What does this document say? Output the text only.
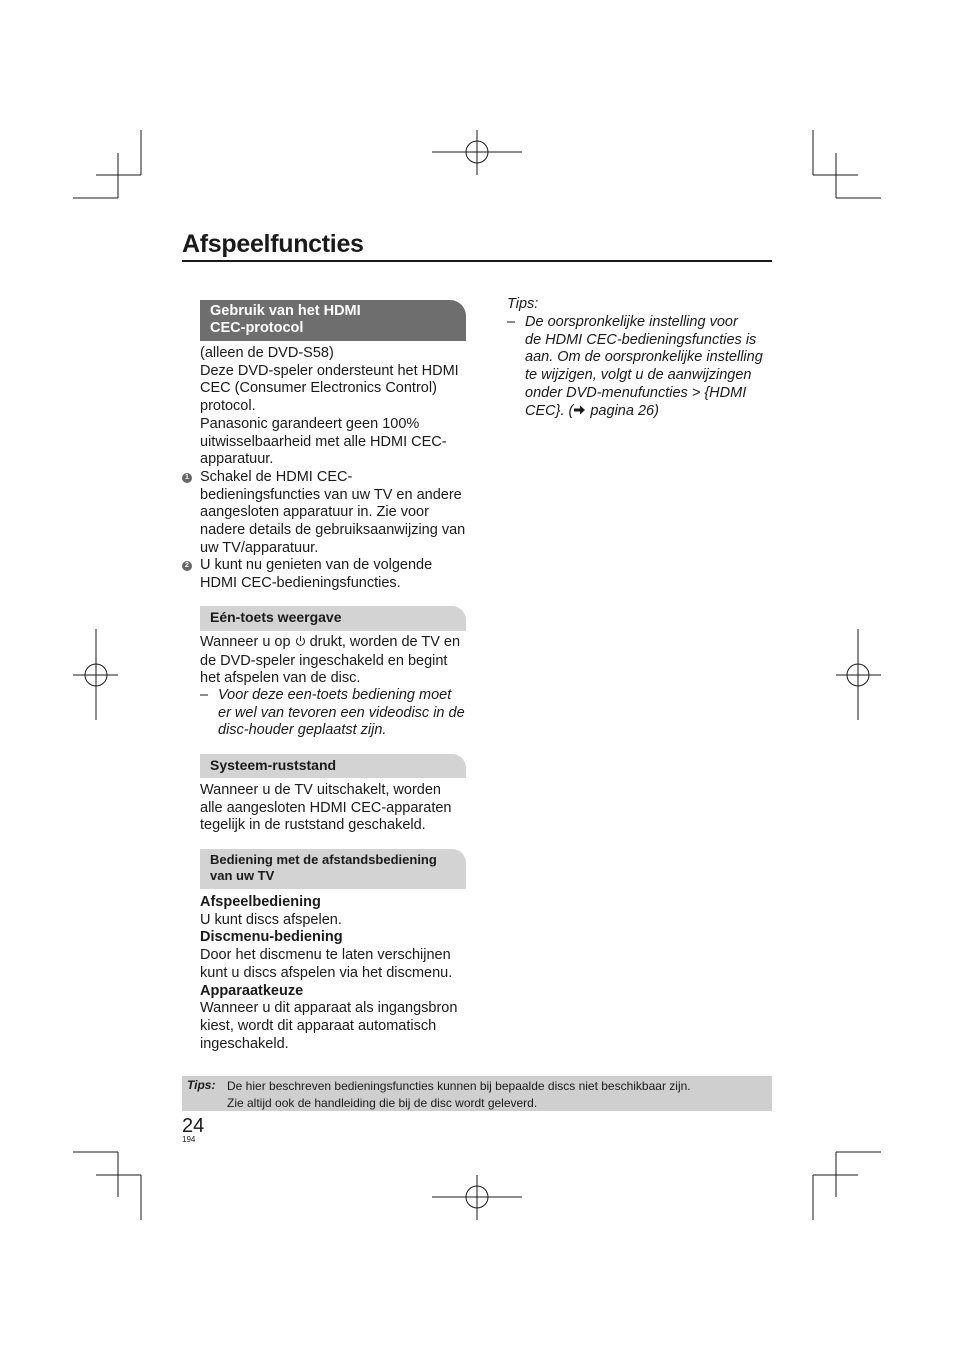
Afspeelfuncties
Gebruik van het HDMI
CEC-protocol
(alleen de DVD-S58)
Deze DVD-speler ondersteunt het HDMI
CEC (Consumer Electronics Control)
protocol.
Panasonic garandeert geen 100%
uitwisselbaarheid met alle HDMI CEC-
apparatuur.
1 Schakel de HDMI CEC-
bedieningsfuncties van uw TV en andere
aangesloten apparatuur in. Zie voor
nadere details de gebruiksaanwijzing van
uw TV/apparatuur.
2 U kunt nu genieten van de volgende
HDMI CEC-bedieningsfuncties.
Eén-toets weergave
Wanneer u op  drukt, worden de TV en
de DVD-speler ingeschakeld en begint
het afspelen van de disc.
– Voor deze een-toets bediening moet
er wel van tevoren een videodisc in de
disc-houder geplaatst zijn.
Systeem-ruststand
Wanneer u de TV uitschakelt, worden
alle aangesloten HDMI CEC-apparaten
tegelijk in de ruststand geschakeld.
Bediening met de afstandsbediening
van uw TV
Afspeelbediening
U kunt discs afspelen.
Discmenu-bediening
Door het discmenu te laten verschijnen
kunt u discs afspelen via het discmenu.
Apparaatkeuze
Wanneer u dit apparaat als ingangsbron
kiest, wordt dit apparaat automatisch
ingeschakeld.
Tips:
– De oorspronkelijke instelling voor
de HDMI CEC-bedieningsfuncties is
aan. Om de oorspronkelijke instelling
te wijzigen, volgt u de aanwijzingen
onder DVD-menufuncties > {HDMI
CEC}. ( pagina 26)
Tips: De hier beschreven bedieningsfuncties kunnen bij bepaalde discs niet beschikbaar zijn.
Zie altijd ook de handleiding die bij de disc wordt geleverd.
24
194
